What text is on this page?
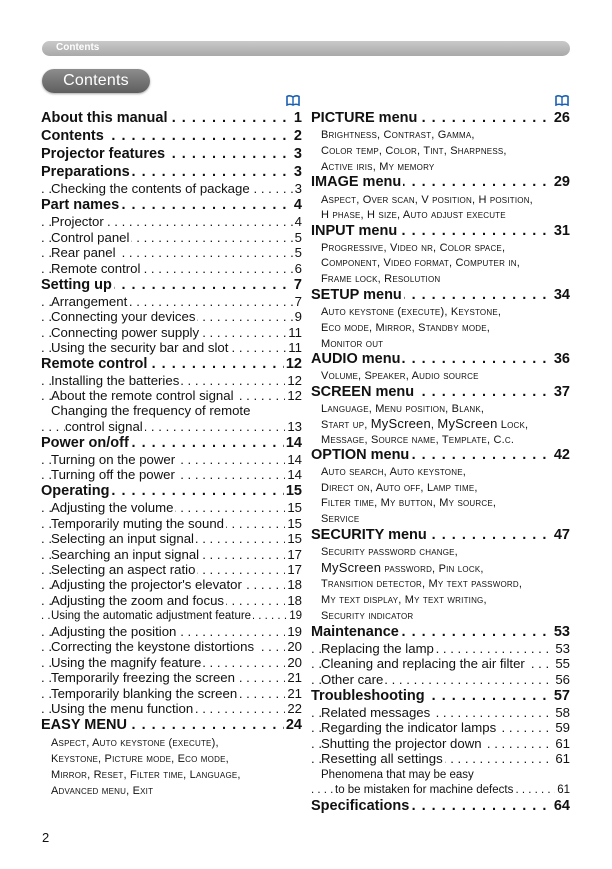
Contents
Contents
. . .
About this manual	1
. . .
Contents	2
. . .
Projector features	3
. . .
Preparations	3
. . .
Checking the contents of package	3
. . .
Part names	4
. . .
Projector	4
. . .
Control panel	5
. . .
Rear panel	5
. . .
Remote control	6
. . .
Setting up	7
. . .
Arrangement	7
. . .
Connecting your devices	9
. . .
Connecting power supply	11
. . .
Using the security bar and slot	11
. . .
Remote control	12
. . .
Installing the batteries	12
. . .
About the remote control signal	12
Changing the frequency of remote
. . .
control signal	13
. . .
Power on/off	14
. . .
Turning on the power	14
. . .
Turning off the power	14
. . .
Operating	15
. . .
Adjusting the volume	15
. . .
Temporarily muting the sound	15
. . .
Selecting an input signal	15
. . .
Searching an input signal	17
. . .
Selecting an aspect ratio	17
. . .
Adjusting the projector's elevator	18
. . .
Adjusting the zoom and focus	18
. . .
Using the automatic adjustment feature	19
. . .
Adjusting the position	19
. . .
Correcting the keystone distortions	20
. . .
Using the magnify feature	20
. . .
Temporarily freezing the screen	21
. . .
Temporarily blanking the screen	21
. . .
Using the menu function	22
. . .
EASY MENU	24
Aspect, Auto keystone (execute),
Keystone, Picture mode, Eco mode,
Mirror, Reset, Filter time, Language,
Advanced menu, Exit
. . .
PICTURE menu	26
. . .
IMAGE menu	29
. . .
INPUT menu	31
. . .
SETUP menu	34
. . .
AUDIO menu	36
. . .
SCREEN menu	37
. . .
OPTION menu	42
. . .
SECURITY menu	47
. . .
Maintenance	53
. . .
Replacing the lamp	53
. . .
Cleaning and replacing the air filter 55
. . .
Other care	56
. . .
Troubleshooting	57
. . .
Related messages	58
. . .
Regarding the indicator lamps	59
. . .
Shutting the projector down	61
. . .
Resetting all settings	61
Phenomena that may be easy
. . .
to be mistaken for machine defects	61
. . .
Specifications	64
Brightness, Contrast, Gamma,
Color temp, Color, Tint, Sharpness,
Active iris, My memory
Aspect, Over scan, V position, H position,
H phase, H size, Auto adjust execute
Progressive, Video nr, Color space,
Component, Video format, Computer in,
Frame lock, Resolution
Auto keystone (execute), Keystone,
Eco mode, Mirror, Standby mode,
Monitor out
Volume, Speaker, Audio source
Language, Menu position, Blank,
Start up, MyScreen, MyScreen Lock,
Message, Source name, Template, C.c.
Auto search, Auto keystone,
Direct on, Auto off, Lamp time,
Filter time, My button, My source,
Service
Security password change,
MyScreen password, Pin lock,
Transition detector, My text password,
My text display, My text writing,
Security indicator
2
